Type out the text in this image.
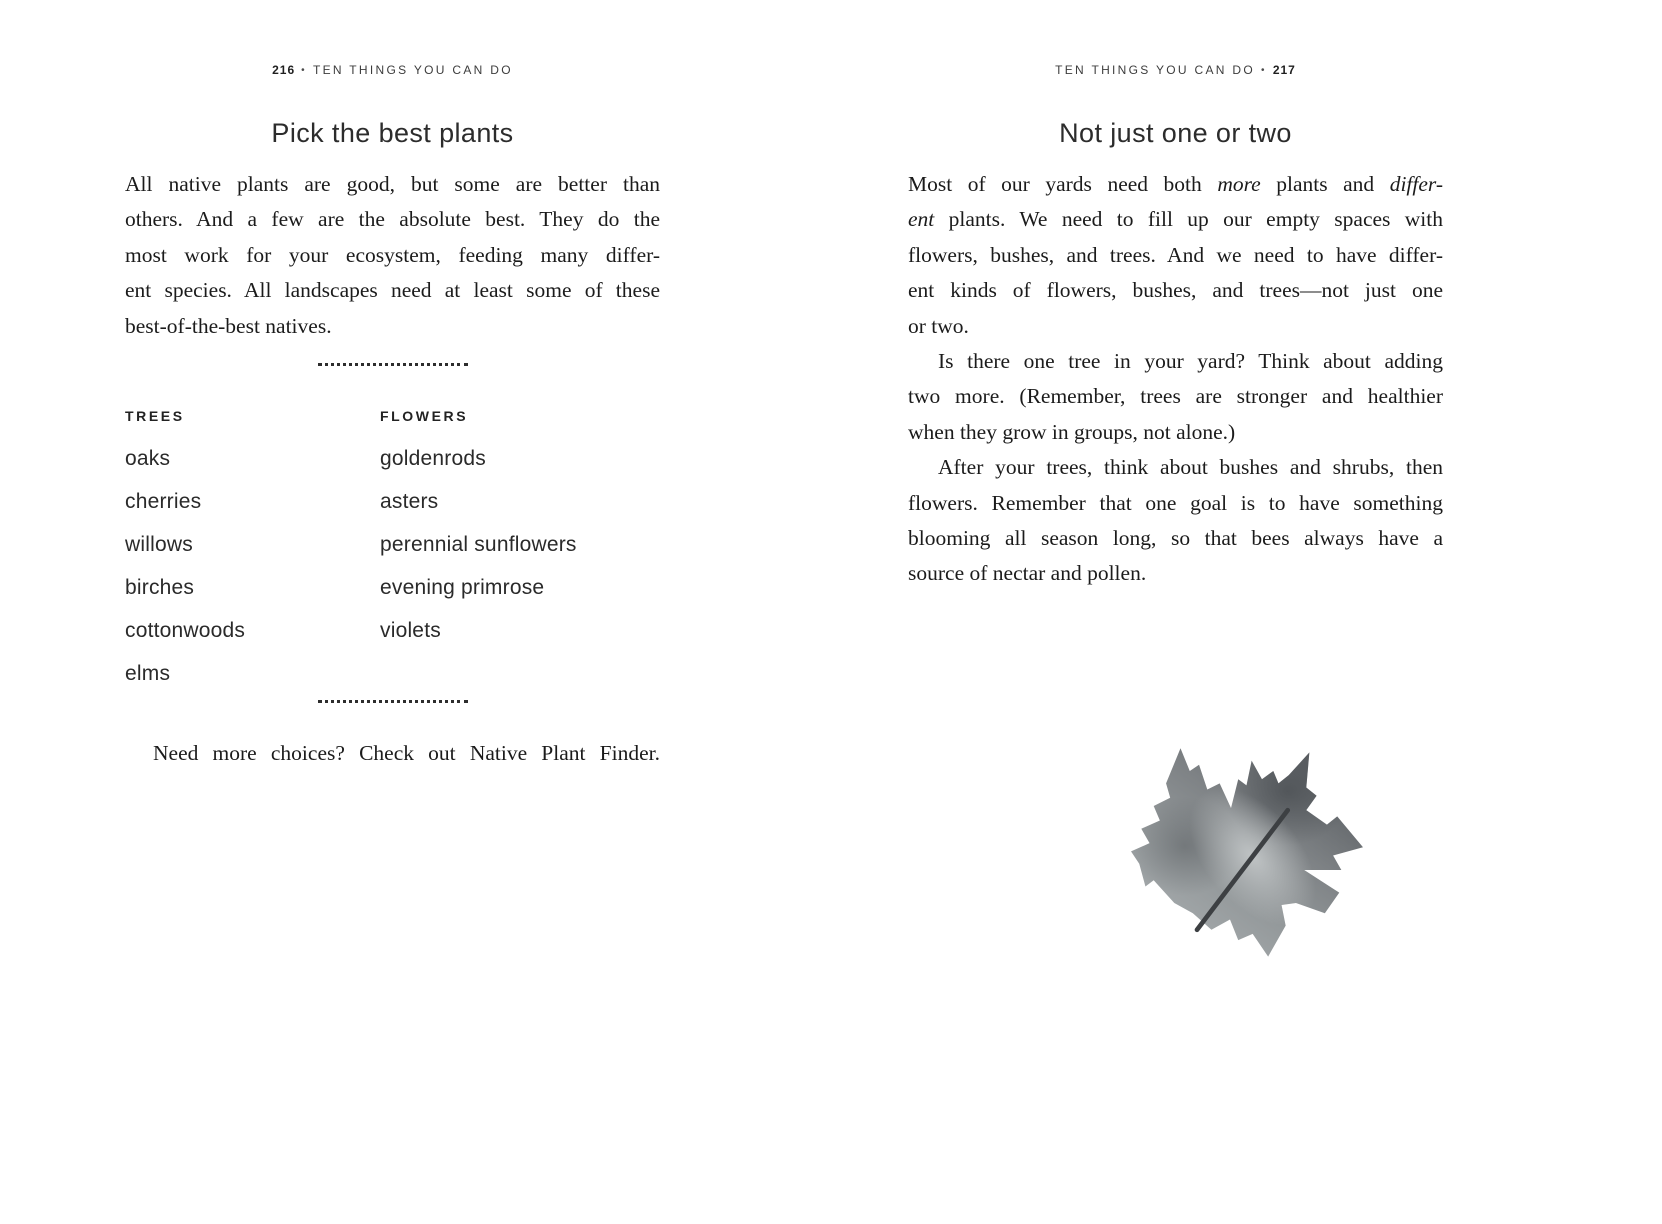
216 • TEN THINGS YOU CAN DO
Pick the best plants
All native plants are good, but some are better than
others. And a few are the absolute best. They do the
most work for your ecosystem, feeding many differ-
ent species. All landscapes need at least some of these
best-of-the-best natives.
TREES
oaks
cherries
willows
birches
cottonwoods
elms
FLOWERS
goldenrods
asters
perennial sunflowers
evening primrose
violets
Need more choices? Check out Native Plant Finder.
TEN THINGS YOU CAN DO • 217
Not just one or two
Most of our yards need both more plants and differ-
ent plants. We need to fill up our empty spaces with
flowers, bushes, and trees. And we need to have differ-
ent kinds of flowers, bushes, and trees—not just one
or two.
Is there one tree in your yard? Think about adding
two more. (Remember, trees are stronger and healthier
when they grow in groups, not alone.)
After your trees, think about bushes and shrubs, then
flowers. Remember that one goal is to have something
blooming all season long, so that bees always have a
source of nectar and pollen.
